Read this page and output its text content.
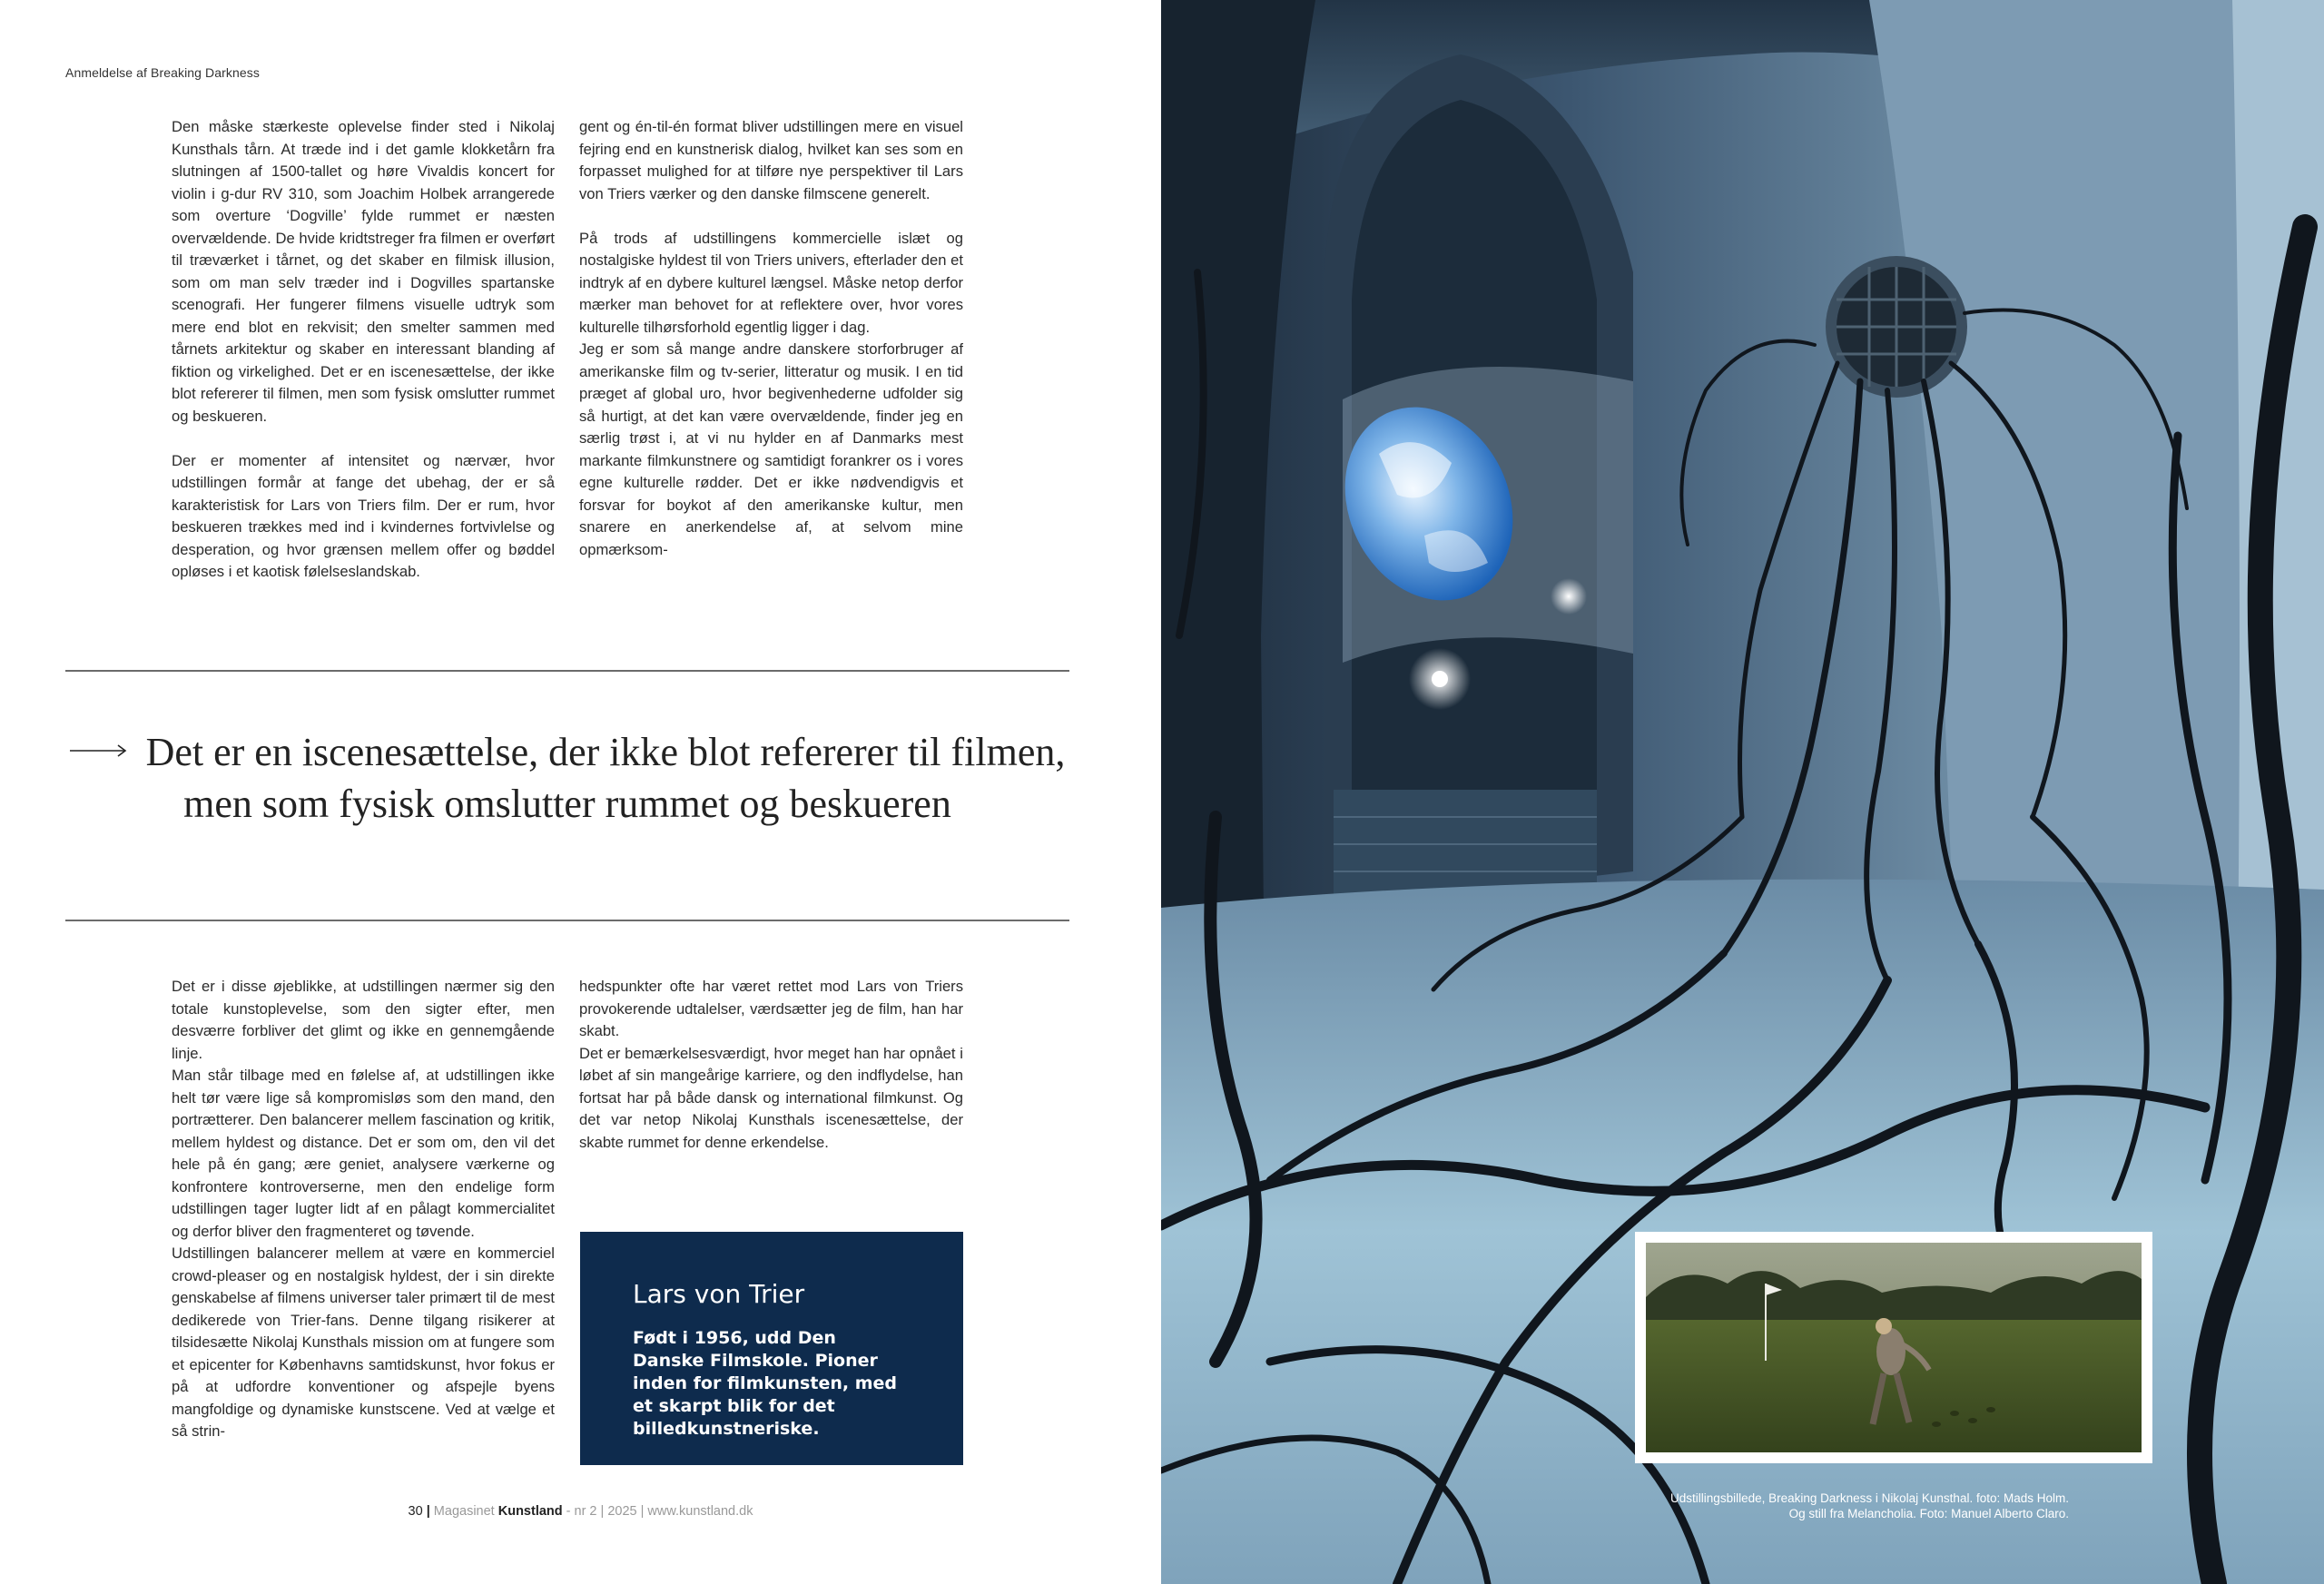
Anmeldelse af Breaking Darkness

Den måske stærkeste oplevelse finder sted i Nikolaj Kunsthals tårn. At træde ind i det gamle klokketårn fra slutningen af 1500-tallet og høre Vivaldis koncert for violin i g-dur RV 310, som Joachim Holbek arrangerede som overture ‘Dogville’ fylde rummet er næsten overvældende. De hvide kridtstreger fra filmen er overført til træværket i tårnet, og det skaber en filmisk illusion, som om man selv træder ind i Dogvilles spartanske scenografi. Her fungerer filmens visuelle udtryk som mere end blot en rekvisit; den smelter sammen med tårnets arkitektur og skaber en interessant blanding af fiktion og virkelighed. Det er en iscenesættelse, der ikke blot refererer til filmen, men som fysisk omslutter rummet og beskueren.

Der er momenter af intensitet og nærvær, hvor udstillingen formår at fange det ubehag, der er så karakteristisk for Lars von Triers film. Der er rum, hvor beskueren trækkes med ind i kvindernes fortvivlelse og desperation, og hvor grænsen mellem offer og bøddel opløses i et kaotisk følelseslandskab.

gent og én-til-én format bliver udstillingen mere en visuel fejring end en kunstnerisk dialog, hvilket kan ses som en forpasset mulighed for at tilføre nye perspektiver til Lars von Triers værker og den danske filmscene generelt.

På trods af udstillingens kommercielle islæt og nostalgiske hyldest til von Triers univers, efterlader den et indtryk af en dybere kulturel længsel. Måske netop derfor mærker man behovet for at reflektere over, hvor vores kulturelle tilhørsforhold egentlig ligger i dag.

Jeg er som så mange andre danskere storforbruger af amerikanske film og tv-serier, litteratur og musik. I en tid præget af global uro, hvor begivenhederne udfolder sig så hurtigt, at det kan være overvældende, finder jeg en særlig trøst i, at vi nu hylder en af Danmarks mest markante filmkunstnere og samtidigt forankrer os i vores egne kulturelle rødder. Det er ikke nødvendigvis et forsvar for boykot af den amerikanske kultur, men snarere en anerkendelse af, at selvom mine opmærksom-

Det er en iscenesættelse, der ikke blot refererer til filmen, men som fysisk omslutter rummet og beskueren

Det er i disse øjeblikke, at udstillingen nærmer sig den totale kunstoplevelse, som den sigter efter, men desværre forbliver det glimt og ikke en gennemgående linje.

Man står tilbage med en følelse af, at udstillingen ikke helt tør være lige så kompromisløs som den mand, den portrætterer. Den balancerer mellem fascination og kritik, mellem hyldest og distance. Det er som om, den vil det hele på én gang; ære geniet, analysere værkerne og konfrontere kontroverserne, men den endelige form udstillingen tager lugter lidt af en pålagt kommercialitet og derfor bliver den fragmenteret og tøvende.

Udstillingen balancerer mellem at være en kommerciel crowd-pleaser og en nostalgisk hyldest, der i sin direkte genskabelse af filmens universer taler primært til de mest dedikerede von Trier-fans. Denne tilgang risikerer at tilsidesætte Nikolaj Kunsthals mission om at fungere som et epicenter for Københavns samtidskunst, hvor fokus er på at udfordre konventioner og afspejle byens mangfoldige og dynamiske kunstscene. Ved at vælge et så strin-

hedspunkter ofte har været rettet mod Lars von Triers provokerende udtalelser, værdsætter jeg de film, han har skabt.

Det er bemærkelsesværdigt, hvor meget han har opnået i løbet af sin mangeårige karriere, og den indflydelse, han fortsat har på både dansk og international filmkunst. Og det var netop Nikolaj Kunsthals iscenesættelse, der skabte rummet for denne erkendelse.

Lars von Trier
Født i 1956, udd Den Danske Filmskole. Pioner inden for filmkunsten, med et skarpt blik for det billedkunstneriske.
30 | Magasinet Kunstland - nr 2 | 2025 | www.kunstland.dk
Udstillingsbillede, Breaking Darkness i Nikolaj Kunsthal. foto: Mads Holm.
Og still fra Melancholia. Foto: Manuel Alberto Claro.
